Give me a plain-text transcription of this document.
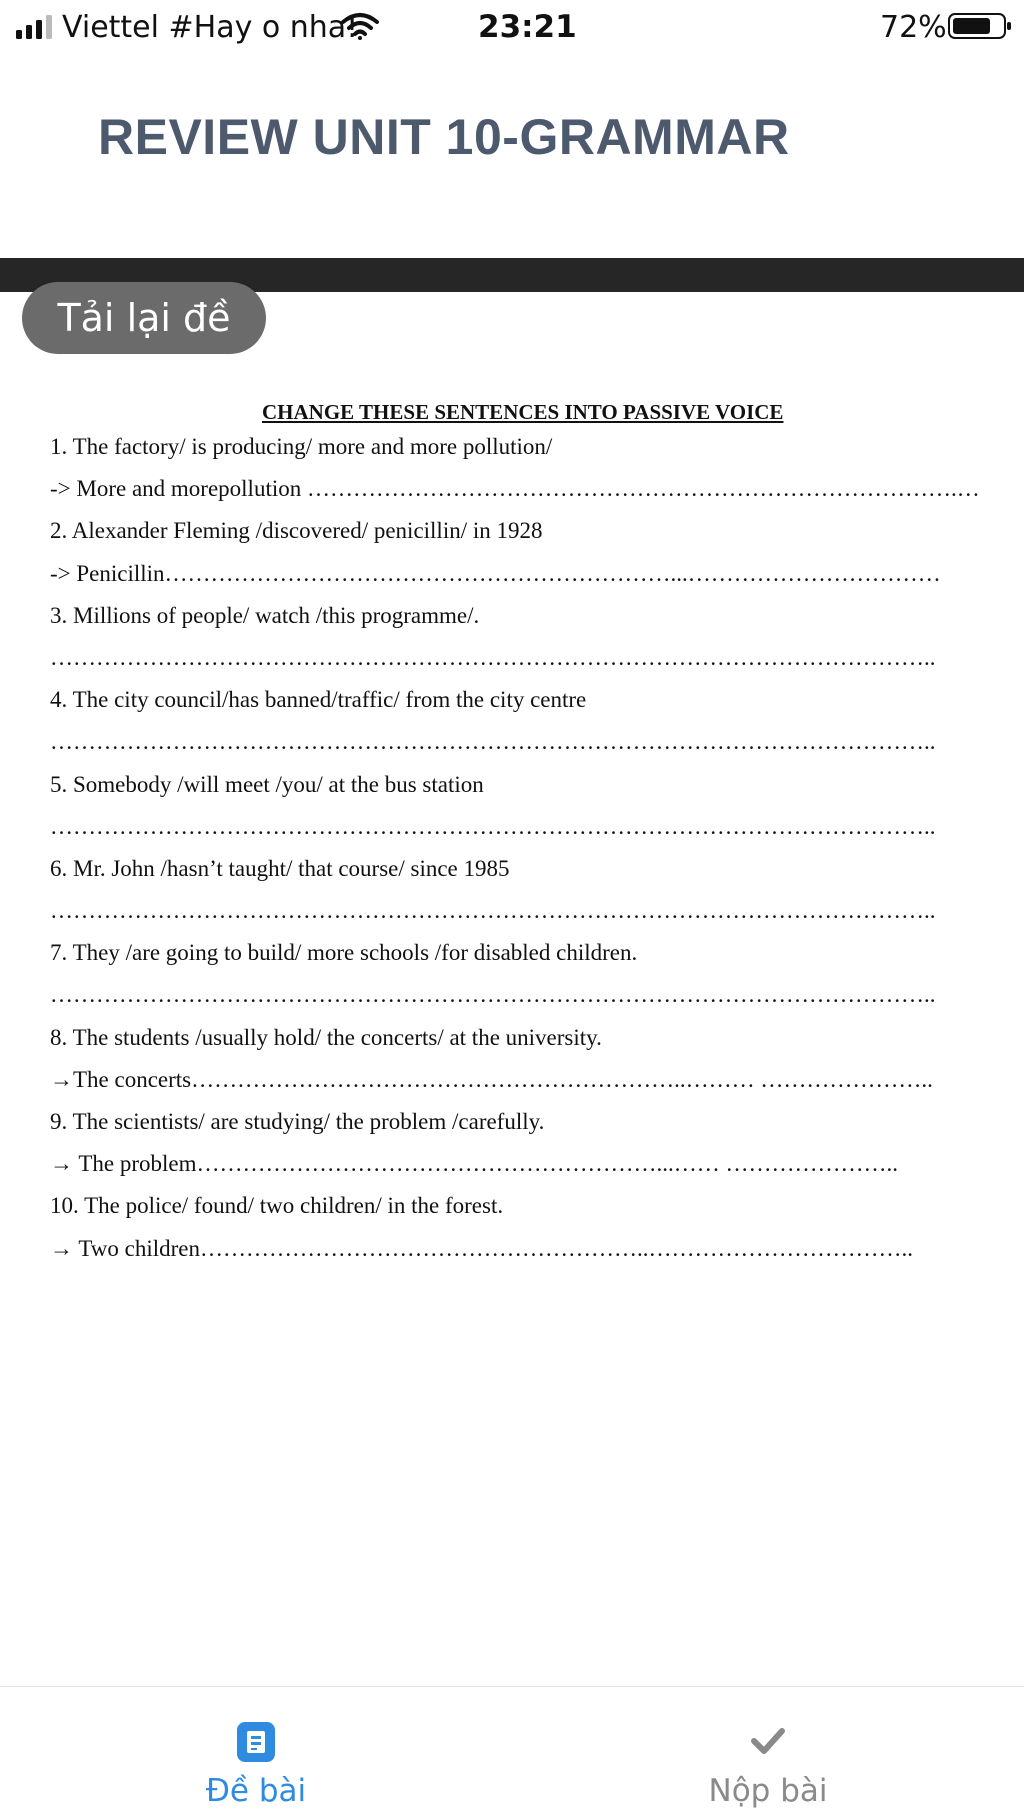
Viettel #Hay o nha!	23:21	72%
REVIEW UNIT 10-GRAMMAR
Tải lại đề
CHANGE THESE SENTENCES INTO PASSIVE VOICE
1. The factory/ is producing/ more and more pollution/
-> More and morepollution ………………………………………………………………………….…
2. Alexander Fleming /discovered/ penicillin/ in 1928
-> Penicillin…………………………………………………………...……………………………
3. Millions of people/ watch /this programme/.
……………………………………………………………………………………………………..
4. The city council/has banned/traffic/ from the city centre
……………………………………………………………………………………………………..
5. Somebody /will meet /you/ at the bus station
……………………………………………………………………………………………………..
6. Mr. John /hasn’t taught/ that course/ since 1985
……………………………………………………………………………………………………..
7. They /are going to build/ more schools /for disabled children.
……………………………………………………………………………………………………..
8. The students /usually hold/ the concerts/ at the university.
→The concerts………………………………………………………..……… …………………..
9. The scientists/ are studying/ the problem /carefully.
→ The problem……………………………………………………...…… …………………..
10. The police/ found/ two children/ in the forest.
→ Two children…………………………………………………..……………………………..
Đề bài	Nộp bài
